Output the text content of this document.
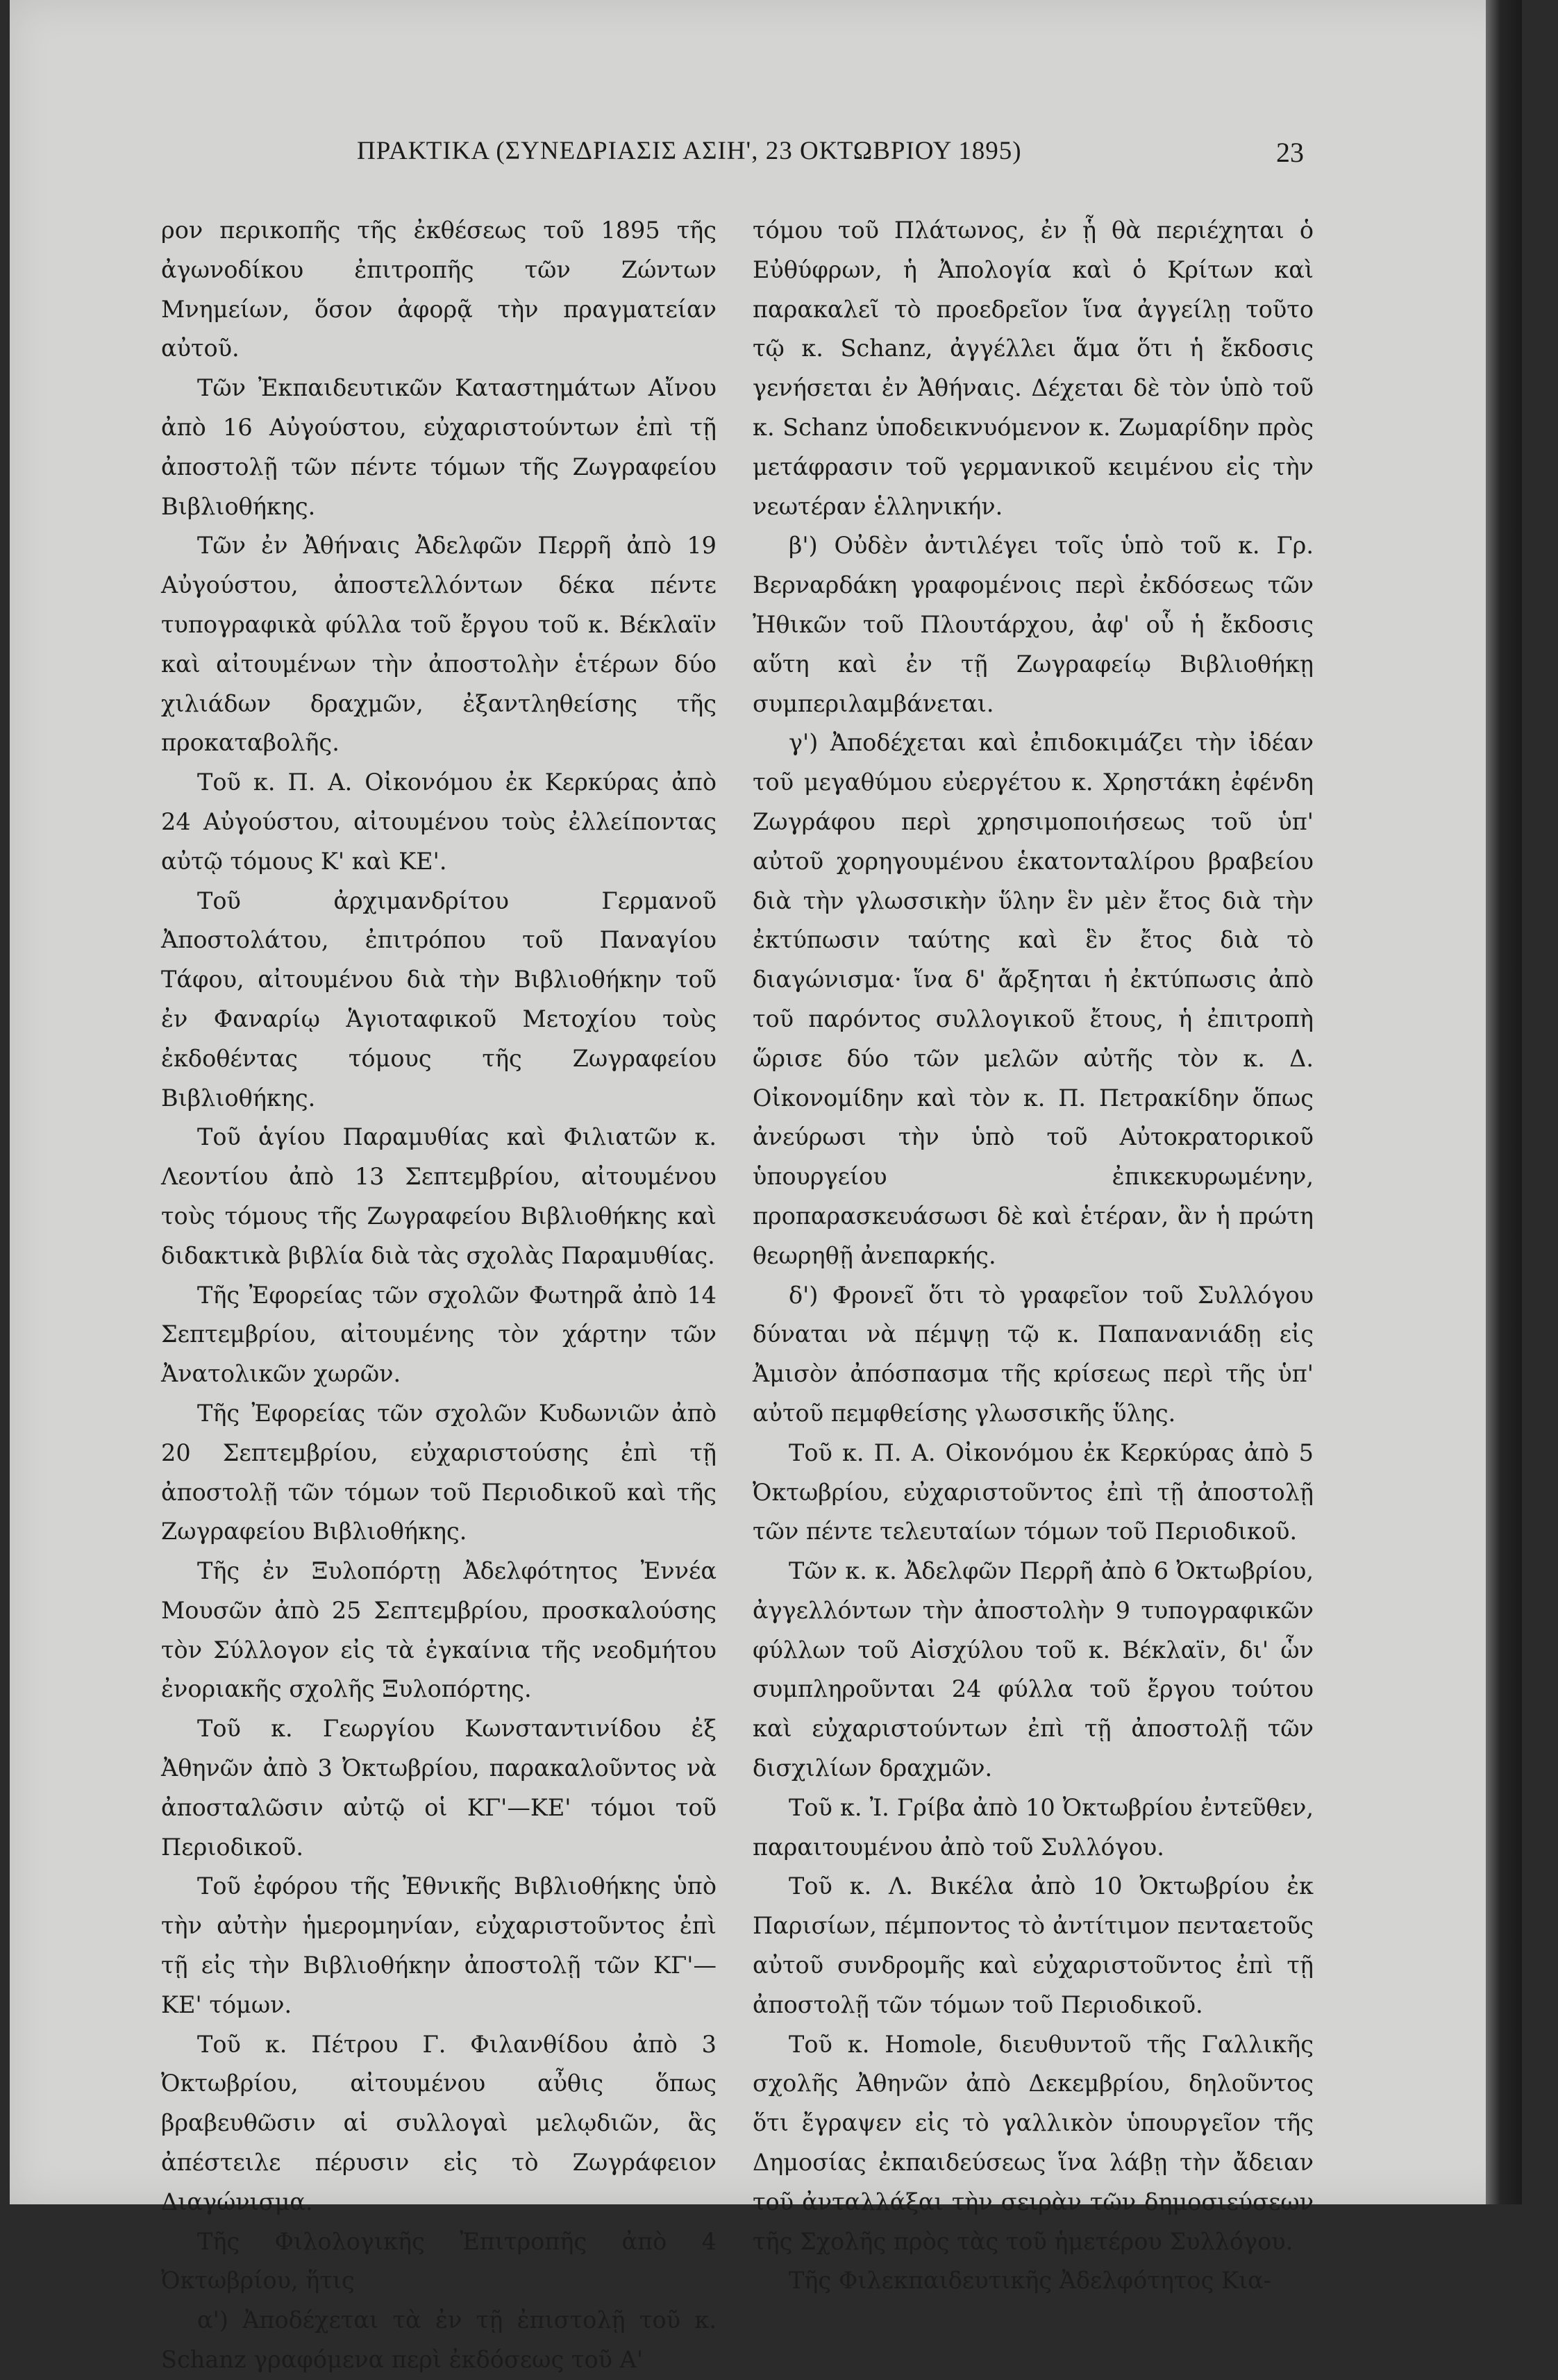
ΠΡΑΚΤΙΚΑ (ΣΥΝΕΔΡΙΑΣΙΣ ΑΣΙΗ', 23 ΟΚΤΩΒΡΙΟΥ 1895)	23

ρον περικοπῆς τῆς ἐκθέσεως τοῦ 1895 τῆς ἀγωνοδίκου ἐπιτροπῆς τῶν Ζώντων Μνημείων, ὅσον ἀφορᾷ τὴν πραγματείαν αὐτοῦ.

Τῶν Ἐκπαιδευτικῶν Καταστημάτων Αἴνου ἀπὸ 16 Αὐγούστου, εὐχαριστούντων ἐπὶ τῇ ἀποστολῇ τῶν πέντε τόμων τῆς Ζωγραφείου Βιβλιοθήκης.

Τῶν ἐν Ἀθήναις Ἀδελφῶν Περρῆ ἀπὸ 19 Αὐγούστου, ἀποστελλόντων δέκα πέντε τυπογραφικὰ φύλλα τοῦ ἔργου τοῦ κ. Βέκλαϊν καὶ αἰτουμένων τὴν ἀποστολὴν ἑτέρων δύο χιλιάδων δραχμῶν, ἐξαντληθείσης τῆς προκαταβολῆς.

Τοῦ κ. Π. Α. Οἰκονόμου ἐκ Κερκύρας ἀπὸ 24 Αὐγούστου, αἰτουμένου τοὺς ἐλλείποντας αὐτῷ τόμους Κ' καὶ ΚΕ'.

Τοῦ ἀρχιμανδρίτου Γερμανοῦ Ἀποστολάτου, ἐπιτρόπου τοῦ Παναγίου Τάφου, αἰτουμένου διὰ τὴν Βιβλιοθήκην τοῦ ἐν Φαναρίῳ Ἁγιοταφικοῦ Μετοχίου τοὺς ἐκδοθέντας τόμους τῆς Ζωγραφείου Βιβλιοθήκης.

Τοῦ ἁγίου Παραμυθίας καὶ Φιλιατῶν κ. Λεοντίου ἀπὸ 13 Σεπτεμβρίου, αἰτουμένου τοὺς τόμους τῆς Ζωγραφείου Βιβλιοθήκης καὶ διδακτικὰ βιβλία διὰ τὰς σχολὰς Παραμυθίας.

Τῆς Ἐφορείας τῶν σχολῶν Φωτηρᾶ ἀπὸ 14 Σεπτεμβρίου, αἰτουμένης τὸν χάρτην τῶν Ἀνατολικῶν χωρῶν.

Τῆς Ἐφορείας τῶν σχολῶν Κυδωνιῶν ἀπὸ 20 Σεπτεμβρίου, εὐχαριστούσης ἐπὶ τῇ ἀποστολῇ τῶν τόμων τοῦ Περιοδικοῦ καὶ τῆς Ζωγραφείου Βιβλιοθήκης.

Τῆς ἐν Ξυλοπόρτῃ Ἀδελφότητος Ἐννέα Μουσῶν ἀπὸ 25 Σεπτεμβρίου, προσκαλούσης τὸν Σύλλογον εἰς τὰ ἐγκαίνια τῆς νεοδμήτου ἐνοριακῆς σχολῆς Ξυλοπόρτης.

Τοῦ κ. Γεωργίου Κωνσταντινίδου ἐξ Ἀθηνῶν ἀπὸ 3 Ὀκτωβρίου, παρακαλοῦντος νὰ ἀποσταλῶσιν αὐτῷ οἱ ΚΓ'—ΚΕ' τόμοι τοῦ Περιοδικοῦ.

Τοῦ ἐφόρου τῆς Ἐθνικῆς Βιβλιοθήκης ὑπὸ τὴν αὐτὴν ἡμερομηνίαν, εὐχαριστοῦντος ἐπὶ τῇ εἰς τὴν Βιβλιοθήκην ἀποστολῇ τῶν ΚΓ'—ΚΕ' τόμων.

Τοῦ κ. Πέτρου Γ. Φιλανθίδου ἀπὸ 3 Ὀκτωβρίου, αἰτουμένου αὖθις ὅπως βραβευθῶσιν αἱ συλλογαὶ μελῳδιῶν, ἃς ἀπέστειλε πέρυσιν εἰς τὸ Ζωγράφειον Διαγώνισμα.

Τῆς Φιλολογικῆς Ἐπιτροπῆς ἀπὸ 4 Ὀκτωβρίου, ἥτις

α') Ἀποδέχεται τὰ ἐν τῇ ἐπιστολῇ τοῦ κ. Schanz γραφόμενα περὶ ἐκδόσεως τοῦ Α'

τόμου τοῦ Πλάτωνος, ἐν ᾗ θὰ περιέχηται ὁ Εὐθύφρων, ἡ Ἀπολογία καὶ ὁ Κρίτων καὶ παρακαλεῖ τὸ προεδρεῖον ἵνα ἀγγείλῃ τοῦτο τῷ κ. Schanz, ἀγγέλλει ἅμα ὅτι ἡ ἔκδοσις γενήσεται ἐν Ἀθήναις. Δέχεται δὲ τὸν ὑπὸ τοῦ κ. Schanz ὑποδεικνυόμενον κ. Ζωμαρίδην πρὸς μετάφρασιν τοῦ γερμανικοῦ κειμένου εἰς τὴν νεωτέραν ἑλληνικήν.

β') Οὐδὲν ἀντιλέγει τοῖς ὑπὸ τοῦ κ. Γρ. Βερναρδάκη γραφομένοις περὶ ἐκδόσεως τῶν Ἠθικῶν τοῦ Πλουτάρχου, ἀφ' οὗ ἡ ἔκδοσις αὕτη καὶ ἐν τῇ Ζωγραφείῳ Βιβλιοθήκῃ συμπεριλαμβάνεται.

γ') Ἀποδέχεται καὶ ἐπιδοκιμάζει τὴν ἰδέαν τοῦ μεγαθύμου εὐεργέτου κ. Χρηστάκη ἐφένδη Ζωγράφου περὶ χρησιμοποιήσεως τοῦ ὑπ' αὐτοῦ χορηγουμένου ἑκατονταλίρου βραβείου διὰ τὴν γλωσσικὴν ὕλην ἓν μὲν ἔτος διὰ τὴν ἐκτύπωσιν ταύτης καὶ ἓν ἔτος διὰ τὸ διαγώνισμα· ἵνα δ' ἄρξηται ἡ ἐκτύπωσις ἀπὸ τοῦ παρόντος συλλογικοῦ ἔτους, ἡ ἐπιτροπὴ ὥρισε δύο τῶν μελῶν αὐτῆς τὸν κ. Δ. Οἰκονομίδην καὶ τὸν κ. Π. Πετρακίδην ὅπως ἀνεύρωσι τὴν ὑπὸ τοῦ Αὐτοκρατορικοῦ ὑπουργείου ἐπικεκυρωμένην, προπαρασκευάσωσι δὲ καὶ ἑτέραν, ἂν ἡ πρώτη θεωρηθῇ ἀνεπαρκής.

δ') Φρονεῖ ὅτι τὸ γραφεῖον τοῦ Συλλόγου δύναται νὰ πέμψῃ τῷ κ. Παπανανιάδῃ εἰς Ἀμισὸν ἀπόσπασμα τῆς κρίσεως περὶ τῆς ὑπ' αὐτοῦ πεμφθείσης γλωσσικῆς ὕλης.

Τοῦ κ. Π. Α. Οἰκονόμου ἐκ Κερκύρας ἀπὸ 5 Ὀκτωβρίου, εὐχαριστοῦντος ἐπὶ τῇ ἀποστολῇ τῶν πέντε τελευταίων τόμων τοῦ Περιοδικοῦ.

Τῶν κ. κ. Ἀδελφῶν Περρῆ ἀπὸ 6 Ὀκτωβρίου, ἀγγελλόντων τὴν ἀποστολὴν 9 τυπογραφικῶν φύλλων τοῦ Αἰσχύλου τοῦ κ. Βέκλαϊν, δι' ὧν συμπληροῦνται 24 φύλλα τοῦ ἔργου τούτου καὶ εὐχαριστούντων ἐπὶ τῇ ἀποστολῇ τῶν δισχιλίων δραχμῶν.

Τοῦ κ. Ἰ. Γρίβα ἀπὸ 10 Ὀκτωβρίου ἐντεῦθεν, παραιτουμένου ἀπὸ τοῦ Συλλόγου.

Τοῦ κ. Λ. Βικέλα ἀπὸ 10 Ὀκτωβρίου ἐκ Παρισίων, πέμποντος τὸ ἀντίτιμον πενταετοῦς αὐτοῦ συνδρομῆς καὶ εὐχαριστοῦντος ἐπὶ τῇ ἀποστολῇ τῶν τόμων τοῦ Περιοδικοῦ.

Τοῦ κ. Homole, διευθυντοῦ τῆς Γαλλικῆς σχολῆς Ἀθηνῶν ἀπὸ Δεκεμβρίου, δηλοῦντος ὅτι ἔγραψεν εἰς τὸ γαλλικὸν ὑπουργεῖον τῆς Δημοσίας ἐκπαιδεύσεως ἵνα λάβῃ τὴν ἄδειαν τοῦ ἀνταλλάξαι τὴν σειρὰν τῶν δημοσιεύσεων τῆς Σχολῆς πρὸς τὰς τοῦ ἡμετέρου Συλλόγου.

Τῆς Φιλεκπαιδευτικῆς Ἀδελφότητος Κια-
